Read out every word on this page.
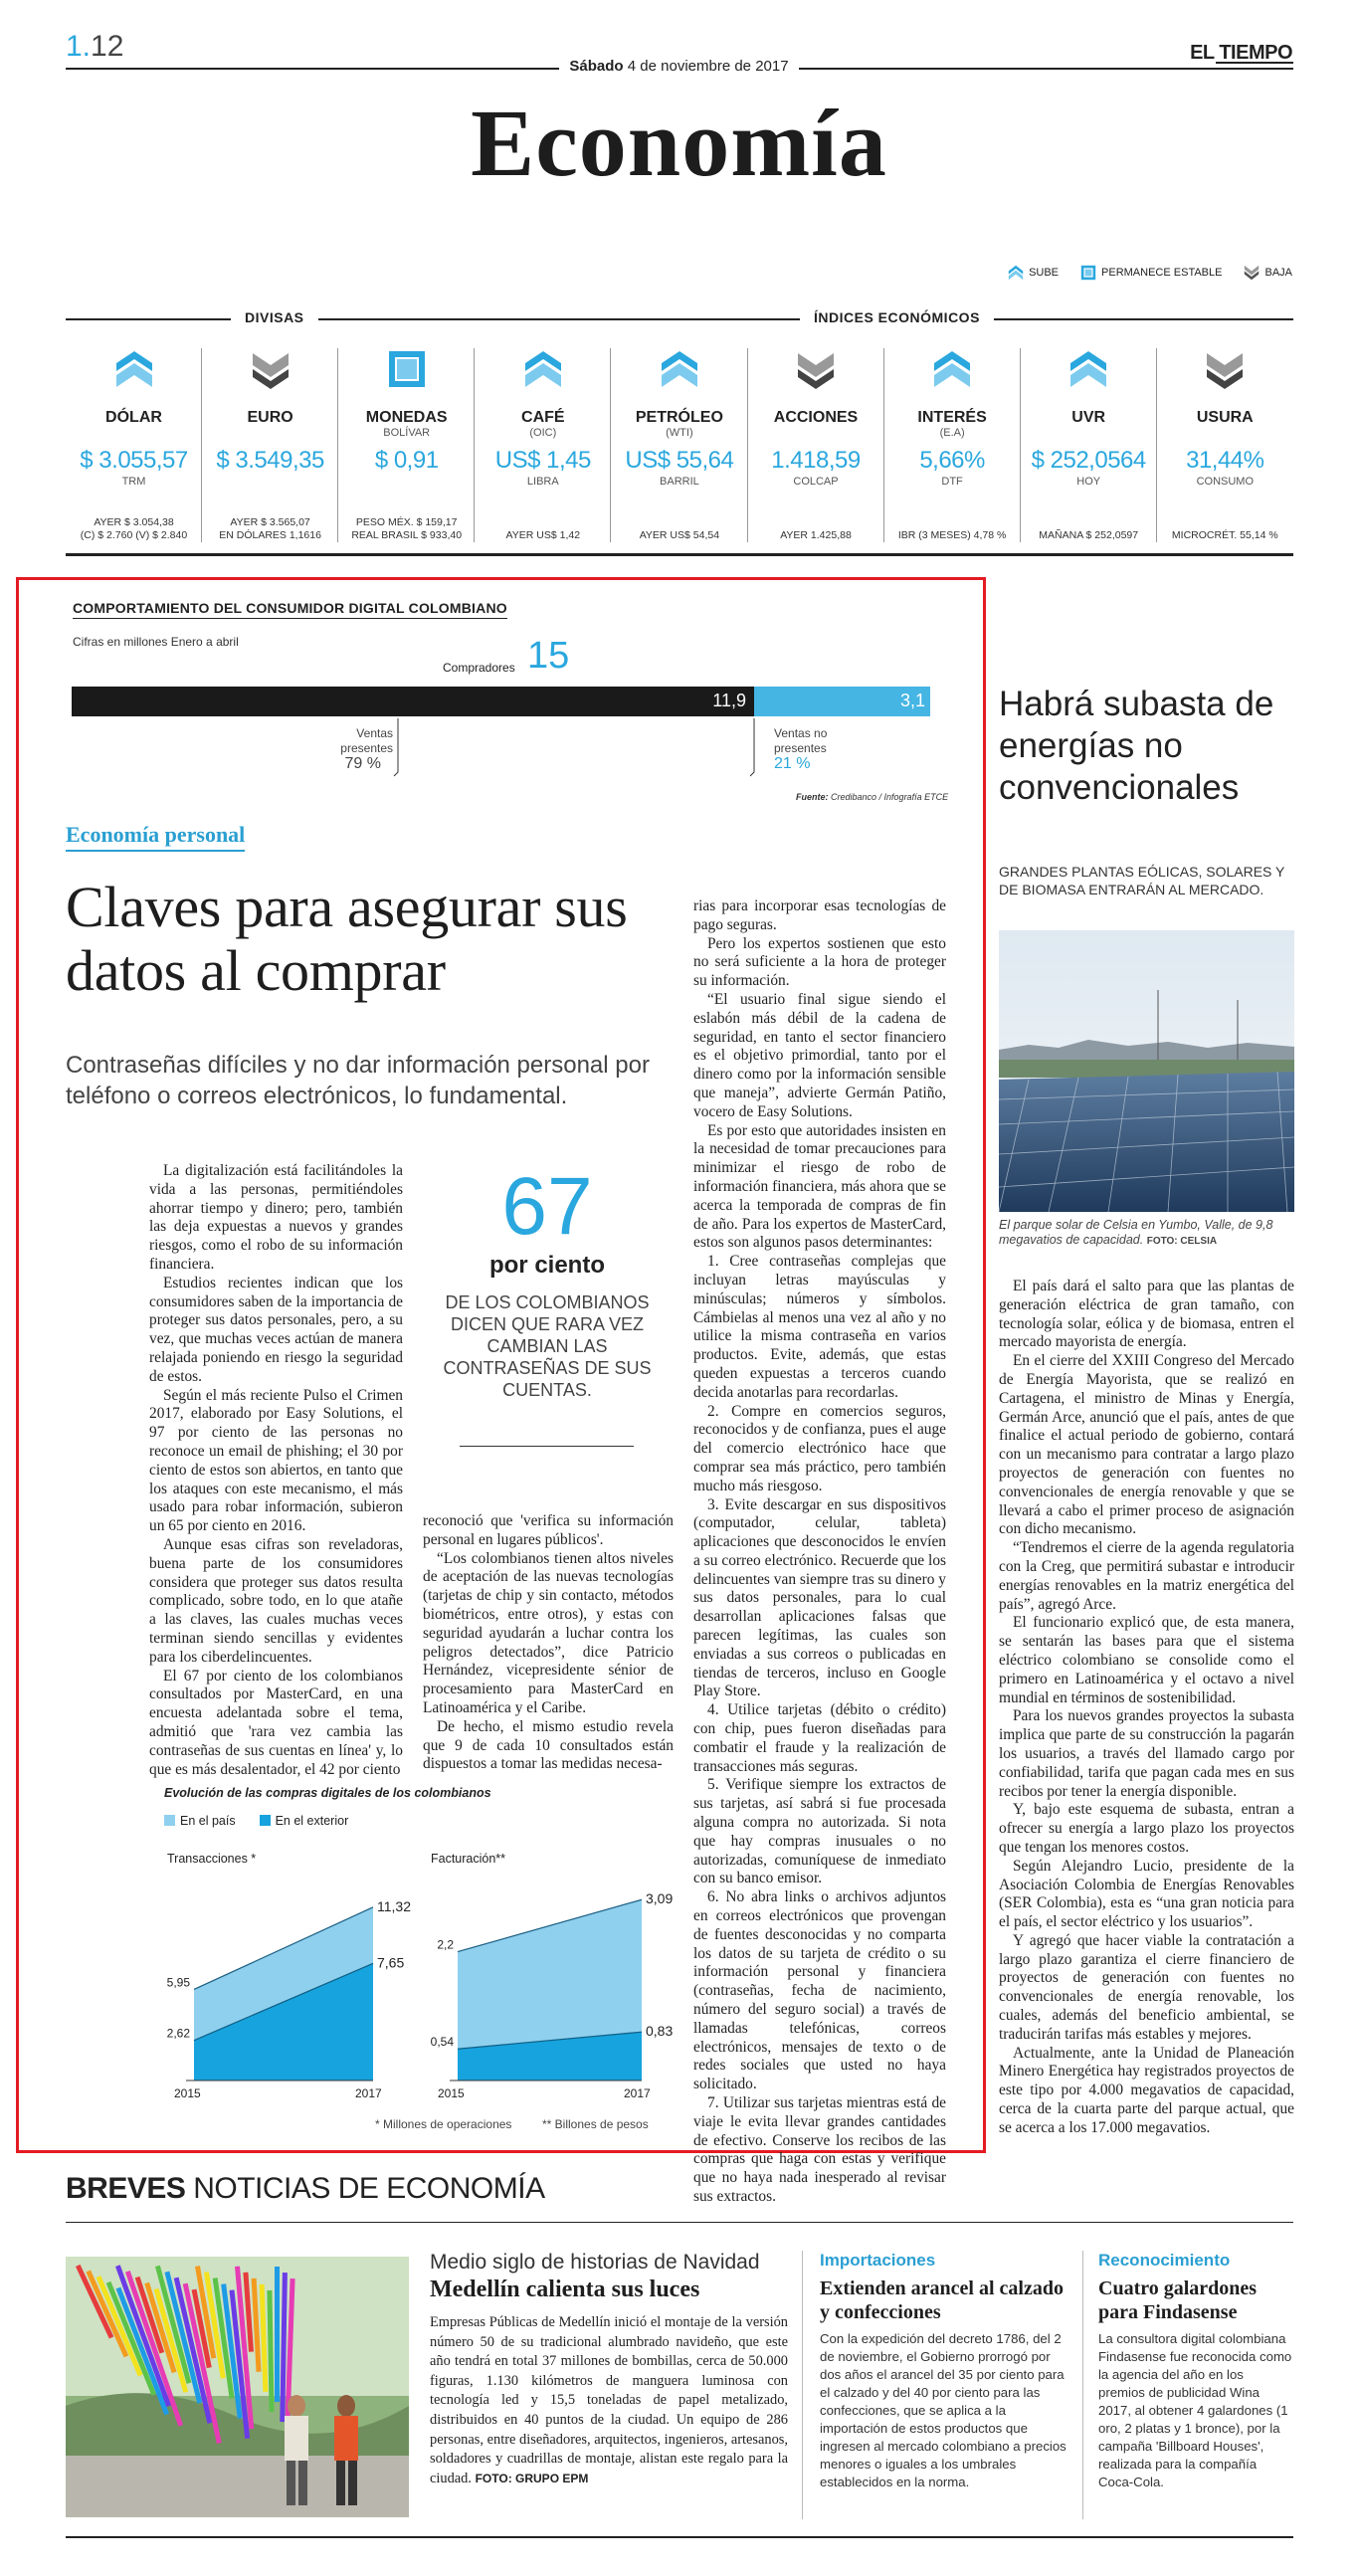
1.12	EL TIEMPO
Sábado 4 de noviembre de 2017
Economía
SUBE	PERMANECE ESTABLE	BAJA
DIVISAS	ÍNDICES ECONÓMICOS
DÓLAR
$ 3.055,57
TRM
AYER $ 3.054,38
(C) $ 2.760 (V) $ 2.840
EURO
$ 3.549,35
AYER $ 3.565,07
EN DÓLARES 1,1616
MONEDAS
BOLÍVAR
$ 0,91
PESO MÉX. $ 159,17
REAL BRASIL $ 933,40
CAFÉ
(OIC)
US$ 1,45
LIBRA
AYER US$ 1,42
PETRÓLEO
(WTI)
US$ 55,64
BARRIL
AYER US$ 54,54
ACCIONES
1.418,59
COLCAP
AYER 1.425,88
INTERÉS
(E.A)
5,66%
DTF
IBR (3 MESES) 4,78 %
UVR
$ 252,0564
HOY
MAÑANA $ 252,0597
USURA
31,44%
CONSUMO
MICROCRÉT. 55,14 %
COMPORTAMIENTO DEL CONSUMIDOR DIGITAL COLOMBIANO
Cifras en millones Enero a abril
Compradores 15
11,9	3,1
Ventas
presentes
79 %
Ventas no
presentes
21 %
Fuente: Credibanco / Infografía ETCE
Economía personal
Claves para asegurar sus datos al comprar
Contraseñas difíciles y no dar información personal por teléfono o correos electrónicos, lo fundamental.

La digitalización está facilitándoles la vida a las personas, permitiéndoles ahorrar tiempo y dinero; pero, también las deja expuestas a nuevos y grandes riesgos, como el robo de su información financiera.

Estudios recientes indican que los consumidores saben de la importancia de proteger sus datos personales, pero, a su vez, que muchas veces actúan de manera relajada poniendo en riesgo la seguridad de estos.

Según el más reciente Pulso el Crimen 2017, elaborado por Easy Solutions, el 97 por ciento de las personas no reconoce un email de phishing; el 30 por ciento de estos son abiertos, en tanto que los ataques con este mecanismo, el más usado para robar información, subieron un 65 por ciento en 2016.

Aunque esas cifras son reveladoras, buena parte de los consumidores considera que proteger sus datos resulta complicado, sobre todo, en lo que atañe a las claves, las cuales muchas veces terminan siendo sencillas y evidentes para los ciberdelincuentes.

El 67 por ciento de los colombianos consultados por MasterCard, en una encuesta adelantada sobre el tema, admitió que 'rara vez cambia las contraseñas de sus cuentas en línea' y, lo que es más desalentador, el 42 por ciento

67
por ciento
DE LOS COLOMBIANOS DICEN QUE RARA VEZ CAMBIAN LAS CONTRASEÑAS DE SUS CUENTAS.

reconoció que 'verifica su información personal en lugares públicos'.

“Los colombianos tienen altos niveles de aceptación de las nuevas tecnologías (tarjetas de chip y sin contacto, métodos biométricos, entre otros), y estas con seguridad ayudarán a luchar contra los peligros detectados”, dice Patricio Hernández, vicepresidente sénior de procesamiento para MasterCard en Latinoamérica y el Caribe.

De hecho, el mismo estudio revela que 9 de cada 10 consultados están dispuestos a tomar las medidas necesa-

rias para incorporar esas tecnologías de pago seguras.

Pero los expertos sostienen que esto no será suficiente a la hora de proteger su información.

“El usuario final sigue siendo el eslabón más débil de la cadena de seguridad, en tanto el sector financiero es el objetivo primordial, tanto por el dinero como por la información sensible que maneja”, advierte Germán Patiño, vocero de Easy Solutions.

Es por esto que autoridades insisten en la necesidad de tomar precauciones para minimizar el riesgo de robo de información financiera, más ahora que se acerca la temporada de compras de fin de año. Para los expertos de MasterCard, estos son algunos pasos determinantes:

1. Cree contraseñas complejas que incluyan letras mayúsculas y minúsculas; números y símbolos. Cámbielas al menos una vez al año y no utilice la misma contraseña en varios productos. Evite, además, que estas queden expuestas a terceros cuando decida anotarlas para recordarlas.

2. Compre en comercios seguros, reconocidos y de confianza, pues el auge del comercio electrónico hace que comprar sea más práctico, pero también mucho más riesgoso.

3. Evite descargar en sus dispositivos (computador, celular, tableta) aplicaciones que desconocidos le envíen a su correo electrónico. Recuerde que los delincuentes van siempre tras su dinero y sus datos personales, para lo cual desarrollan aplicaciones falsas que parecen legítimas, las cuales son enviadas a sus correos o publicadas en tiendas de terceros, incluso en Google Play Store.

4. Utilice tarjetas (débito o crédito) con chip, pues fueron diseñadas para combatir el fraude y la realización de transacciones más seguras.

5. Verifique siempre los extractos de sus tarjetas, así sabrá si fue procesada alguna compra no autorizada. Si nota que hay compras inusuales o no autorizadas, comuníquese de inmediato con su banco emisor.

6. No abra links o archivos adjuntos en correos electrónicos que provengan de fuentes desconocidas y no comparta los datos de su tarjeta de crédito o su información personal y financiera (contraseñas, fecha de nacimiento, número del seguro social) a través de llamadas telefónicas, correos electrónicos, mensajes de texto o de redes sociales que usted no haya solicitado.

7. Utilizar sus tarjetas mientras está de viaje le evita llevar grandes cantidades de efectivo. Conserve los recibos de las compras que haga con estas y verifique que no haya nada inesperado al revisar sus extractos.

Evolución de las compras digitales de los colombianos
En el país	En el exterior
Transacciones *
5,95
2,62
11,32
7,65
2015	2017
Facturación**
2,2
0,54
3,09
0,83
2015	2017
* Millones de operaciones	** Billones de pesos
Habrá subasta de energías no convencionales
GRANDES PLANTAS EÓLICAS, SOLARES Y DE BIOMASA ENTRARÁN AL MERCADO.
El parque solar de Celsia en Yumbo, Valle, de 9,8 megavatios de capacidad. FOTO: CELSIA

El país dará el salto para que las plantas de generación eléctrica de gran tamaño, con tecnología solar, eólica y de biomasa, entren el mercado mayorista de energía.

En el cierre del XXIII Congreso del Mercado de Energía Mayorista, que se realizó en Cartagena, el ministro de Minas y Energía, Germán Arce, anunció que el país, antes de que finalice el actual periodo de gobierno, contará con un mecanismo para contratar a largo plazo proyectos de generación con fuentes no convencionales de energía renovable y que se llevará a cabo el primer proceso de asignación con dicho mecanismo.

“Tendremos el cierre de la agenda regulatoria con la Creg, que permitirá subastar e introducir energías renovables en la matriz energética del país”, agregó Arce.

El funcionario explicó que, de esta manera, se sentarán las bases para que el sistema eléctrico colombiano se consolide como el primero en Latinoamérica y el octavo a nivel mundial en términos de sostenibilidad.

Para los nuevos grandes proyectos la subasta implica que parte de su construcción la pagarán los usuarios, a través del llamado cargo por confiabilidad, tarifa que pagan cada mes en sus recibos por tener la energía disponible.

Y, bajo este esquema de subasta, entran a ofrecer su energía a largo plazo los proyectos que tengan los menores costos.

Según Alejandro Lucio, presidente de la Asociación Colombia de Energías Renovables (SER Colombia), esta es “una gran noticia para el país, el sector eléctrico y los usuarios”.

Y agregó que hacer viable la contratación a largo plazo garantiza el cierre financiero de proyectos de generación con fuentes no convencionales de energía renovable, los cuales, además del beneficio ambiental, se traducirán tarifas más estables y mejores.

Actualmente, ante la Unidad de Planeación Minero Energética hay registrados proyectos de este tipo por 4.000 megavatios de capacidad, cerca de la cuarta parte del parque actual, que se acerca a los 17.000 megavatios.

BREVES NOTICIAS DE ECONOMÍA
Medio siglo de historias de Navidad
Medellín calienta sus luces
Empresas Públicas de Medellín inició el montaje de la versión número 50 de su tradicional alumbrado navideño, que este año tendrá en total 37 millones de bombillas, cerca de 50.000 figuras, 1.130 kilómetros de manguera luminosa con tecnología led y 15,5 toneladas de papel metalizado, distribuidos en 40 puntos de la ciudad. Un equipo de 286 personas, entre diseñadores, arquitectos, ingenieros, artesanos, soldadores y cuadrillas de montaje, alistan este regalo para la ciudad. FOTO: GRUPO EPM
Importaciones
Extienden arancel al calzado y confecciones
Con la expedición del decreto 1786, del 2 de noviembre, el Gobierno prorrogó por dos años el arancel del 35 por ciento para el calzado y del 40 por ciento para las confecciones, que se aplica a la importación de estos productos que ingresen al mercado colombiano a precios menores o iguales a los umbrales establecidos en la norma.
Reconocimiento
Cuatro galardones para Findasense
La consultora digital colombiana Findasense fue reconocida como la agencia del año en los premios de publicidad Wina 2017, al obtener 4 galardones (1 oro, 2 platas y 1 bronce), por la campaña 'Billboard Houses', realizada para la compañía Coca-Cola.
